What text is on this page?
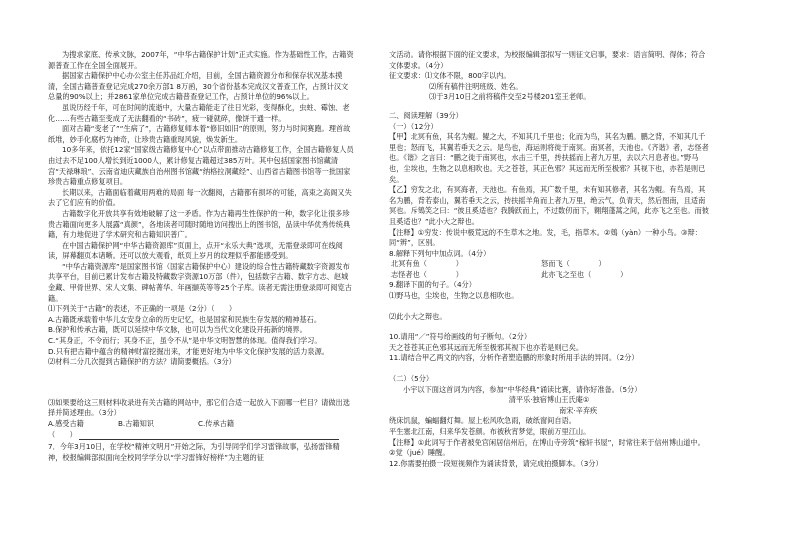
为搜求家底、传承文脉，2007年，“中华古籍保护计划”正式实施。作为基础性工作，古籍资源普查工作在全国全面展开。

据国家古籍保护中心办公室主任苏品红介绍，目前，全国古籍资源分布和保存状况基本摸清，全国古籍普查登记完成270余万部1 8万函，30个省份基本完成汉文普查工作，占预计汉文总量的90%以上；并2861家单位完成古籍普查登记工作，占预计单位的96%以上。

虽说历经千年，可在时间的流逝中，大量古籍能走了往日光彩，变得酥化，虫蛀、霉蚀、老化……有些古籍至变成了无法翻看的“书砖”，疲一碰就碎，像饼干通一样。

面对古籍“变老了”“生病了”，古籍修复师本着“修旧如旧”的原则，努力与时间赛跑。理首故纸堆，妙手化腐朽为神奇，让珍贵古籍重现风貌，焕发新生。

10多年来，依托12家“国家级古籍修复中心”以点带面推动古籍修复工作，全国古籍修复人员由过去不足100人增长到近1000人，累计修复古籍超过385万叶。其中包括国家图书馆藏清宫“天禄琳琅”、云南省迪庆藏族自治州图书馆藏“纳格拉洞藏经”、山西省古籍图书馆等一批国家珍贵古籍重点修复项目。

长期以来，古籍面临着藏用两难的局面 每一次翻阅，古籍都有损坏的可能，高束之高阁又失去了它们应有的价值。

古籍数字化开放共享有效地破解了这一矛盾。作为古籍再生性保护的一种，数字化让很多珍贵古籍面向更多人展露“真颜”，各地读者可随时随地访问搜出上的图书馆，品读中华优秀传统典籍，有力地促进了学术研究和古籍知识普广。

在中国古籍保护网“中华古籍资源库”页面上，点开“永乐大典”选项，无需登录即可在线阅读，屏幕翻页本诸晰。还可以放大观看，纸页上岁月的纹理似乎都能感受到。

“中华古籍资源库”是国家图书馆（国家古籍保护中心）建设的综合性古籍特藏数字资源发布共享平台，目前已累计发布古籍及特藏数字资源10万部（件），包括数字古籍、数字方志、赵城金藏、甲骨世界、宋人文集、碑帖菁华、年画撷英等等25个子库。读者无需注册登录即可阅览古籍。

⑴下列关于“古籍”的表述，不正确的一项是（2分）（　　）

A.古籍既承载着中华儿女安身立命的历史记忆，也是国家和民族生存发展的精神基石。

B.保护和传承古籍，既可以延续中华文脉，也可以为当代文化建设开拓新的境界。

C.“其身正，不令而行；其身不正，虽令不从”是中华文明智慧的体现。值得我们学习。

D.只有把古籍中蕴含的精神财富挖掘出来，才能更好地为中华文化保护发展的活力泉源。

⑵材料二分几次提到古籍保护的方法？请简要概括。（3分）

⑶如果要给这三则材料收录进有关古籍的网站中，那它们合适一起放入下面哪一栏目？请做出选择并简述理由。（3分）

A.感受古籍	B.古籍知识	C.传承古籍
（　　）

7．今年3月10日，在学校“精神文明月”开始之际，为引导同学们学习雷锋故事，弘扬雷锋精神，校报编辑部拟面向全校同学学分以“学习雷锋好榜样”为主题的征

文活动。请你根据下面的征文要求，为校报编辑部拟写一则征文启事，要求：语言简明、得体；符合文体要求。（4分）

征文要求：⑴文体不限，800字以内。

⑵所有稿件注明班级、姓名。

⑶于3月10日之前将稿件交至2号楼201室王老师。

二、阅读理解（39分）

（一）（12分）

【甲】北冥有鱼，其名为鲲。鲲之大，不知其几千里也；化而为鸟，其名为鹏。鹏之背，不知其几千里也；怒而飞，其翼若垂天之云。是鸟也，海运则将徙于南冥。南冥者，天池也。《齐谐》者，志怪者也。《谐》之言曰：“鹏之徙于南冥也，水击三千里，抟扶摇而上者九万里，去以六月息者也。”野马也，尘埃也，生物之以息相吹也。天之苍苍，其正色邪？其远而无所至极邪？其视下也，亦若是则已矣。

【乙】穷发之北，有冥海者，天池也。有鱼焉，其广数千里，未有知其修者，其名为鲲。有鸟焉，其名为鹏，背若泰山，翼若垂天之云，抟扶摇羊角而上者九万里，绝云气，负青天，然后图南，且适南冥也。斥鴳笑之曰：“彼且奚适也？我腾跃而上，不过数仞而下，翱翔蓬蒿之间，此亦飞之至也。而彼且奚适也？”此小大之辩也。

【注释】①穷发：传说中极荒远的不生草木之地。发，毛，指草木。②鴳（yàn）一种小鸟。③辩：同“辨”，区别。

8.解释下列句中加点词。（4分）

北冥有鱼（　　　　）	怒而飞（　　　　）
志怪者也（　　　　）	此亦飞之至也（　　　　）

9.翻译下面的句子。（4分）

⑴野马也，尘埃也，生物之以息相吹也。

⑵此小大之辩也。

10.请用“／”符号给画线的句子断句。（2分）

天之苍苍其正色邪其远而无所至极邪其视下也亦若是则已矣。

11.请结合甲乙两文的内容，分析作者塑造鹏的形象时所用手法的异同。（2分）

（二）（5分）

小宇以下面这首词为内容，参加“中华经典”诵读比赛，请你好准备。（5分）

清平乐·独宿博山王氏庵①

南宋·辛弃疾

绕床饥鼠，蝙蝠翻灯舞。屋上松风吹急雨，破纸窗间自语。

平生塞北江南，归来华发苍颜。布被秋宵梦觉，眼前万里江山。

【注释】①此词写于作者被免官闲居信州后，在博山寺旁筑“稼轩书屋”，时常往来于信州博山道中。②觉（jué）睡醒。

12.你需要拍摄一段短视频作为诵读背景，请完成拍摄脚本。（3分）
